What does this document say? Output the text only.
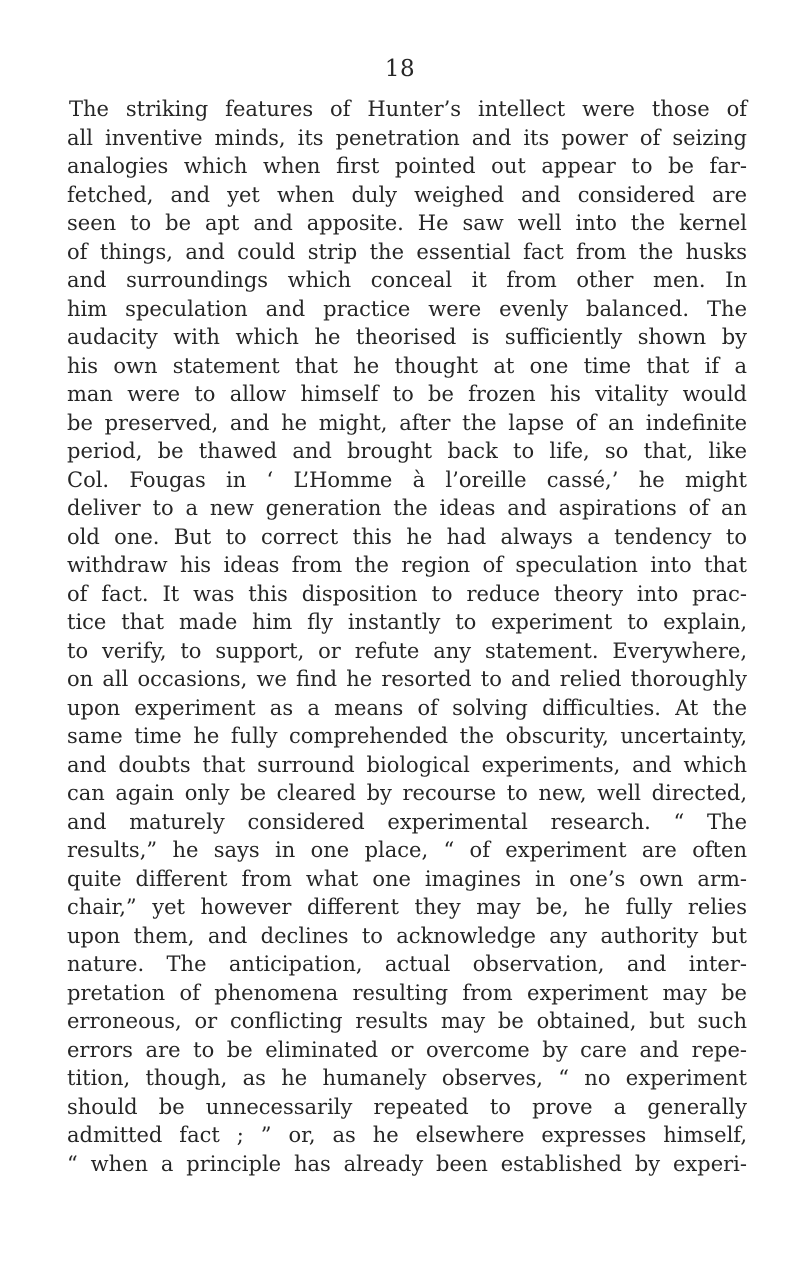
18
The striking features of Hunter’s intellect were those of
all inventive minds, its penetration and its power of seizing
analogies which when first pointed out appear to be far-
fetched, and yet when duly weighed and considered are
seen to be apt and apposite. He saw well into the kernel
of things, and could strip the essential fact from the husks
and surroundings which conceal it from other men. In
him speculation and practice were evenly balanced. The
audacity with which he theorised is sufficiently shown by
his own statement that he thought at one time that if a
man were to allow himself to be frozen his vitality would
be preserved, and he might, after the lapse of an indefinite
period, be thawed and brought back to life, so that, like
Col. Fougas in ‘ L’Homme à l’oreille cassé,’ he might
deliver to a new generation the ideas and aspirations of an
old one. But to correct this he had always a tendency to
withdraw his ideas from the region of speculation into that
of fact. It was this disposition to reduce theory into prac-
tice that made him fly instantly to experiment to explain,
to verify, to support, or refute any statement. Everywhere,
on all occasions, we find he resorted to and relied thoroughly
upon experiment as a means of solving difficulties. At the
same time he fully comprehended the obscurity, uncertainty,
and doubts that surround biological experiments, and which
can again only be cleared by recourse to new, well directed,
and maturely considered experimental research. “ The
results,” he says in one place, “ of experiment are often
quite different from what one imagines in one’s own arm-
chair,” yet however different they may be, he fully relies
upon them, and declines to acknowledge any authority but
nature. The anticipation, actual observation, and inter-
pretation of phenomena resulting from experiment may be
erroneous, or conflicting results may be obtained, but such
errors are to be eliminated or overcome by care and repe-
tition, though, as he humanely observes, “ no experiment
should be unnecessarily repeated to prove a generally
admitted fact ; ” or, as he elsewhere expresses himself,
“ when a principle has already been established by experi-
